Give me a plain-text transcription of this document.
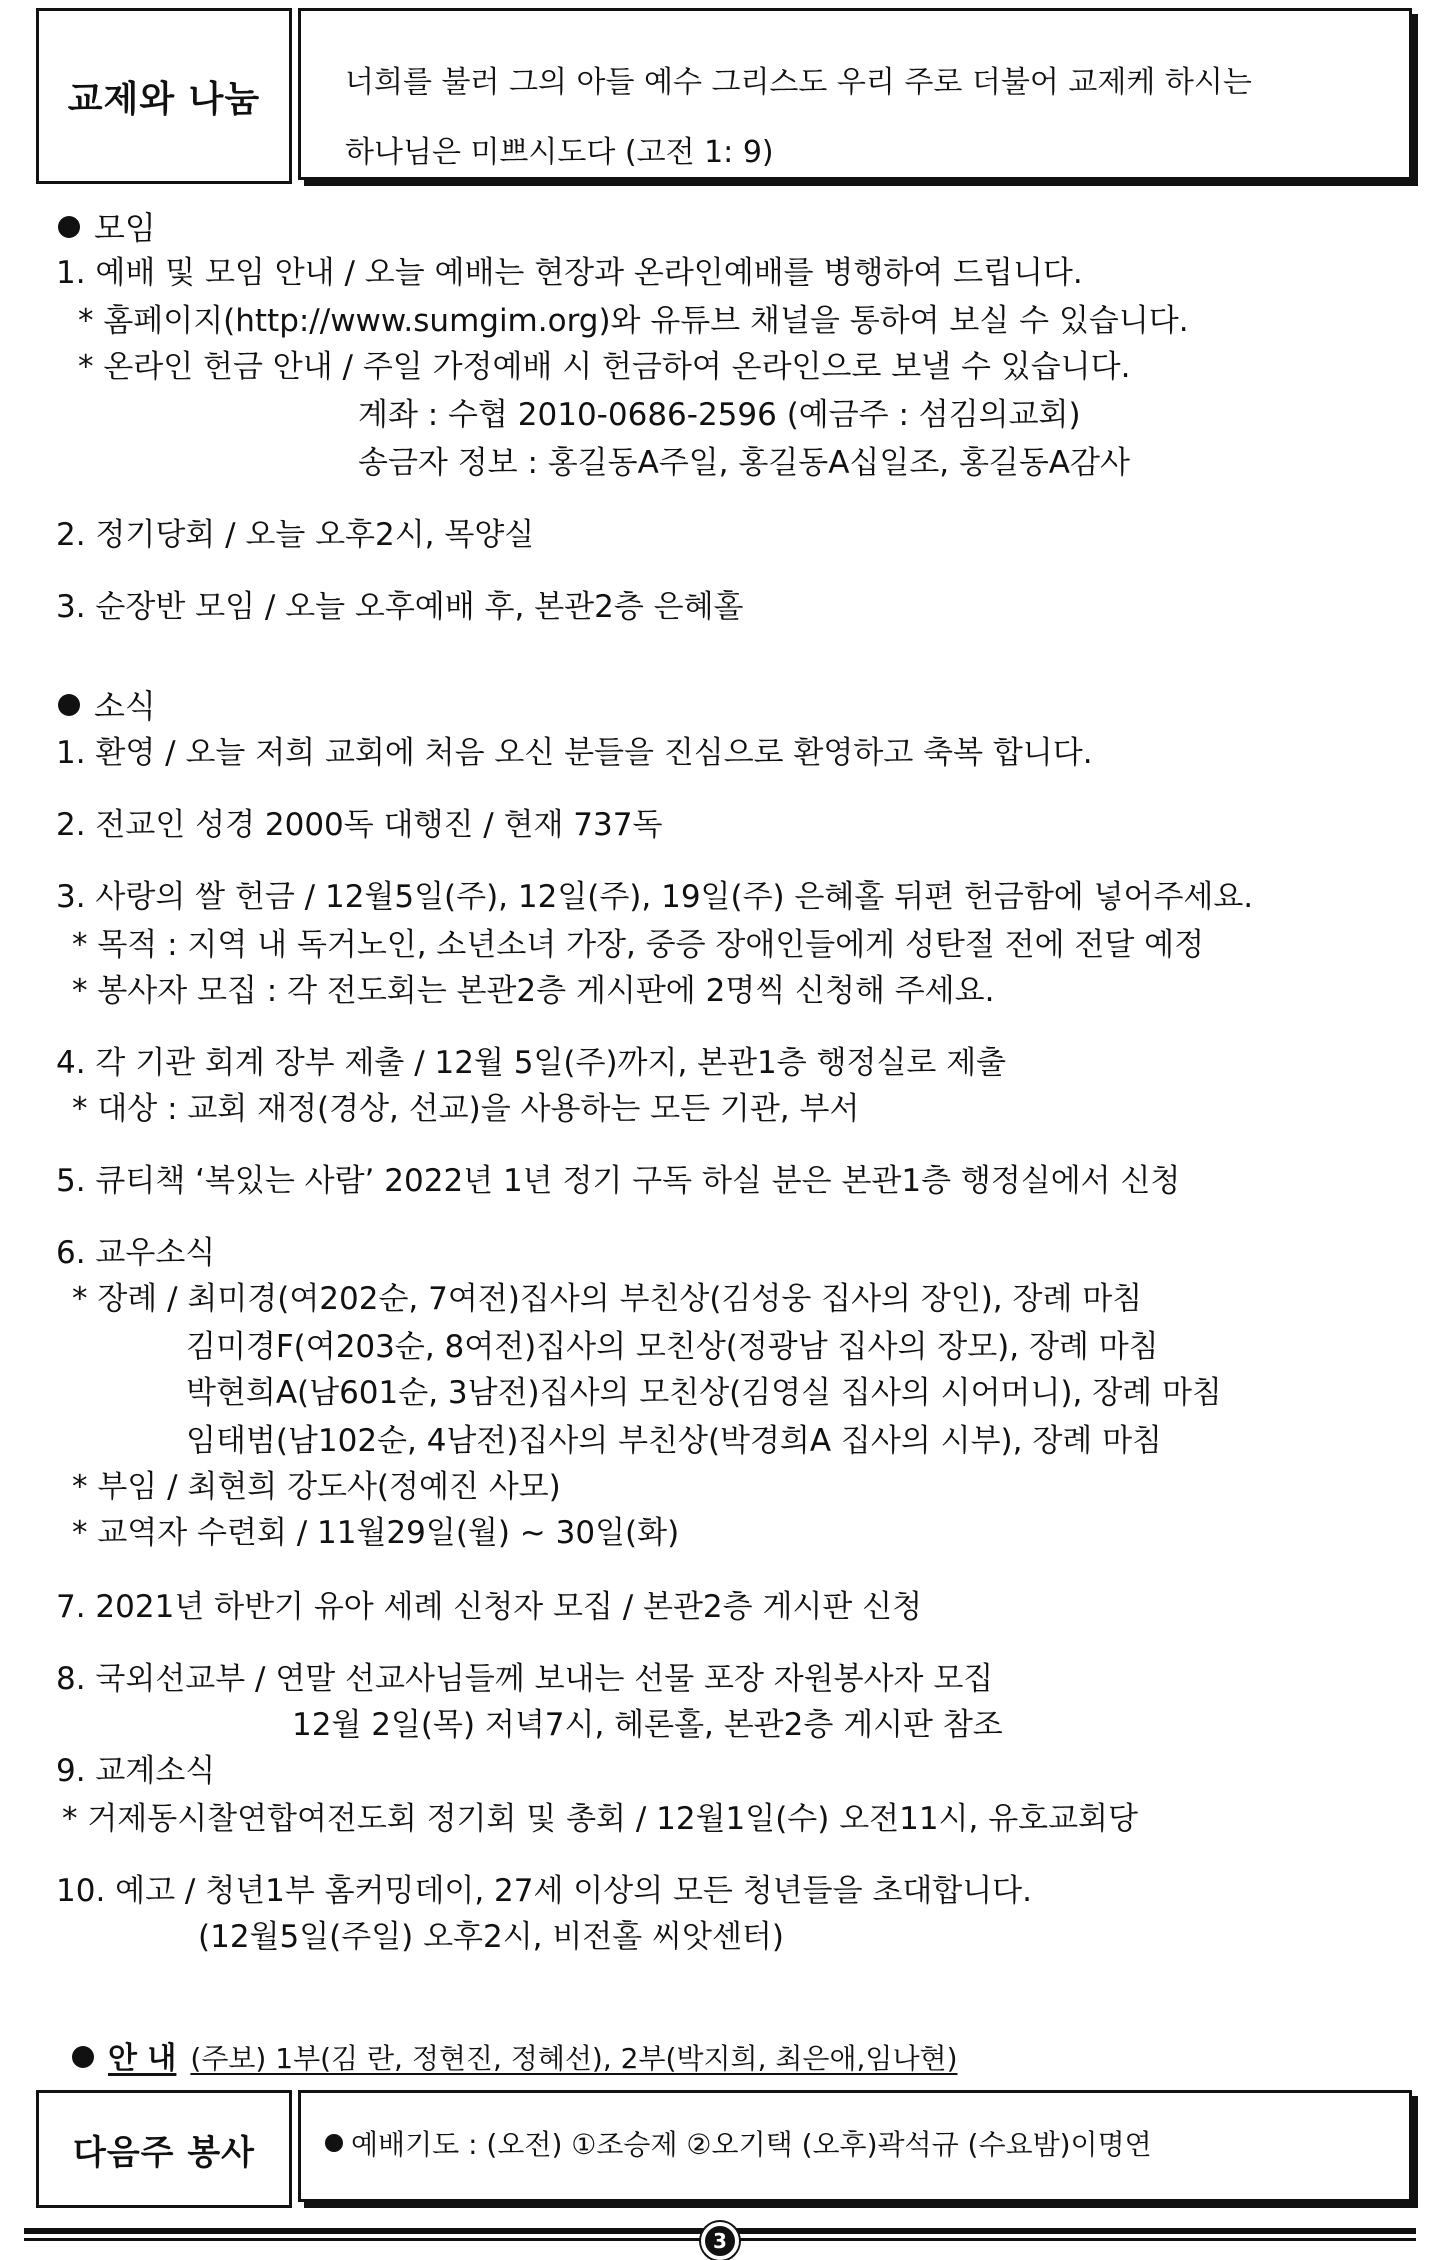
교제와 나눔	너희를 불러 그의 아들 예수 그리스도 우리 주로 더불어 교제케 하시는
하나님은 미쁘시도다 (고전 1: 9)
모임
1. 예배 및 모임 안내 / 오늘 예배는 현장과 온라인예배를 병행하여 드립니다.
* 홈페이지(http://www.sumgim.org)와 유튜브 채널을 통하여 보실 수 있습니다.
* 온라인 헌금 안내 / 주일 가정예배 시 헌금하여 온라인으로 보낼 수 있습니다.
계좌 : 수협 2010-0686-2596 (예금주 : 섬김의교회)
송금자 정보 : 홍길동A주일, 홍길동A십일조, 홍길동A감사
2. 정기당회 / 오늘 오후2시, 목양실
3. 순장반 모임 / 오늘 오후예배 후, 본관2층 은혜홀
소식
1. 환영 / 오늘 저희 교회에 처음 오신 분들을 진심으로 환영하고 축복 합니다.
2. 전교인 성경 2000독 대행진 / 현재 737독
3. 사랑의 쌀 헌금 / 12월5일(주), 12일(주), 19일(주) 은혜홀 뒤편 헌금함에 넣어주세요.
* 목적 : 지역 내 독거노인, 소년소녀 가장, 중증 장애인들에게 성탄절 전에 전달 예정
* 봉사자 모집 : 각 전도회는 본관2층 게시판에 2명씩 신청해 주세요.
4. 각 기관 회계 장부 제출 / 12월 5일(주)까지, 본관1층 행정실로 제출
* 대상 : 교회 재정(경상, 선교)을 사용하는 모든 기관, 부서
5. 큐티책 ‘복있는 사람’ 2022년 1년 정기 구독 하실 분은 본관1층 행정실에서 신청
6. 교우소식
* 장례 / 최미경(여202순, 7여전)집사의 부친상(김성웅 집사의 장인), 장례 마침
김미경F(여203순, 8여전)집사의 모친상(정광남 집사의 장모), 장례 마침
박현희A(남601순, 3남전)집사의 모친상(김영실 집사의 시어머니), 장례 마침
임태범(남102순, 4남전)집사의 부친상(박경희A 집사의 시부), 장례 마침
* 부임 / 최현희 강도사(정예진 사모)
* 교역자 수련회 / 11월29일(월) ~ 30일(화)
7. 2021년 하반기 유아 세례 신청자 모집 / 본관2층 게시판 신청
8. 국외선교부 / 연말 선교사님들께 보내는 선물 포장 자원봉사자 모집
12월 2일(목) 저녁7시, 헤론홀, 본관2층 게시판 참조
9. 교계소식
* 거제동시찰연합여전도회 정기회 및 총회 / 12월1일(수) 오전11시, 유호교회당
10. 예고 / 청년1부 홈커밍데이, 27세 이상의 모든 청년들을 초대합니다.
(12월5일(주일) 오후2시, 비전홀 씨앗센터)
안 내 (주보) 1부(김 란, 정현진, 정혜선), 2부(박지희, 최은애,임나현)
다음주 봉사	예배기도 : (오전) ①조승제 ②오기택 (오후)곽석규 (수요밤)이명연
3
